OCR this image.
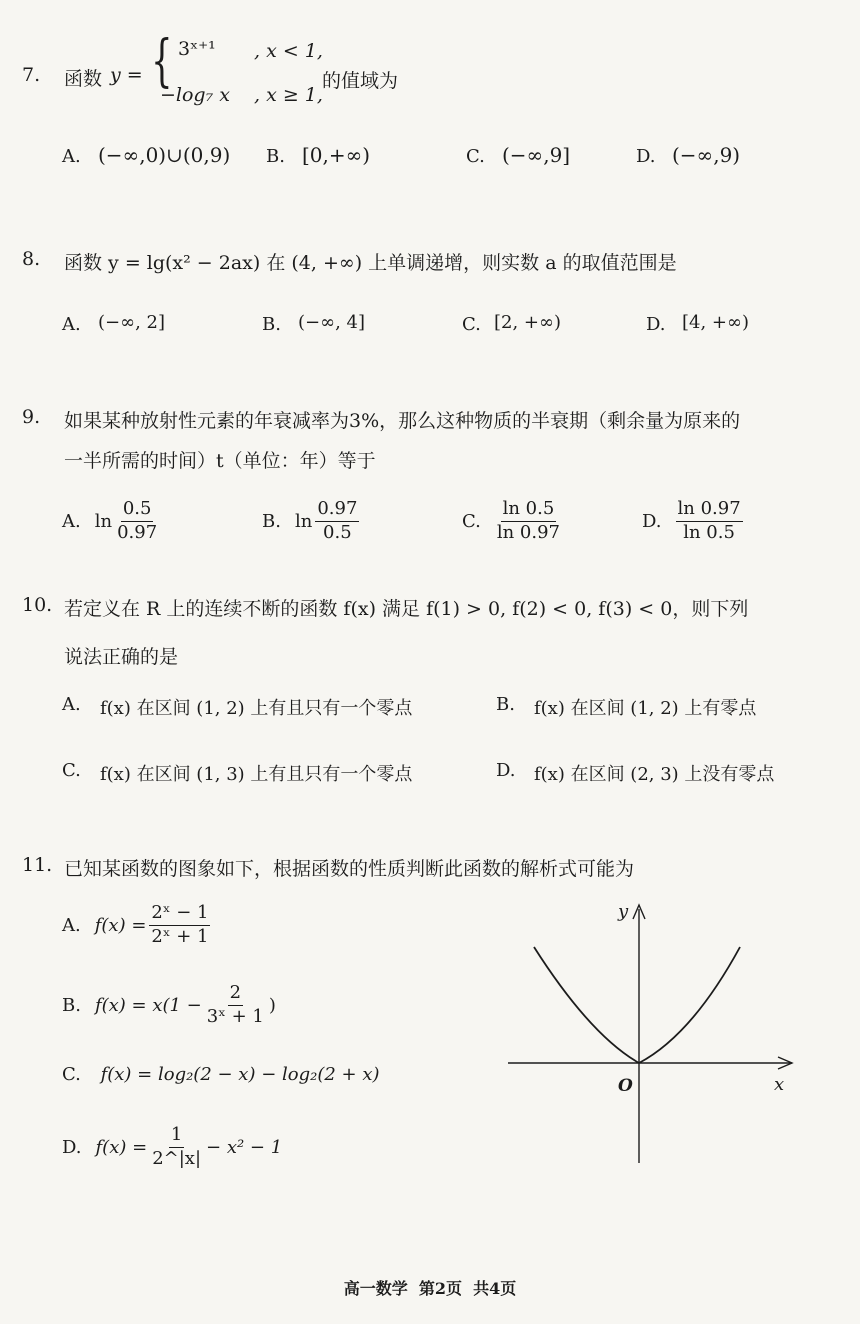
7. 函数 y = { 3ˣ⁺¹ , x < 1,
−log₇ x , x ≥ 1,
的值域为
A. (−∞,0)∪(0,9) B. [0,+∞)	C. (−∞,9]	D. (−∞,9)
8. 函数 y = lg(x² − 2ax) 在 (4, +∞) 上单调递增，则实数 a 的取值范围是
A. (−∞, 2]	B. (−∞, 4]	C. [2, +∞)	D. [4, +∞)
9. 如果某种放射性元素的年衰减率为3%，那么这种物质的半衰期（剩余量为原来的
一半所需的时间）t（单位：年）等于
A. $\ln \frac{0.5}{0.97}$	B. $\ln \frac{0.97}{0.5}$	C. $\frac{\ln 0.5}{\ln 0.97}$	D. $\frac{\ln 0.97}{\ln 0.5}$
10. 若定义在 R 上的连续不断的函数 f(x) 满足 f(1) > 0, f(2) < 0, f(3) < 0，则下列
说法正确的是
A. f(x) 在区间 (1, 2) 上有且只有一个零点	B. f(x) 在区间 (1, 2) 上有零点
C. f(x) 在区间 (1, 3) 上有且只有一个零点	D. f(x) 在区间 (2, 3) 上没有零点
11. 已知某函数的图象如下，根据函数的性质判断此函数的解析式可能为
A. $f(x) = \frac{\text{2ˣ − 1}}{\text{2ˣ + 1}}$
B. $f(x) = x(1 - \frac{2}{\text{3ˣ + 1}}$ )
C. f(x) = log₂(2 − x) − log₂(2 + x)
D. $f(x) = \frac{1}{2\^{}|x|} - x^2 - 1$
y
x
O
高一数学  第2页  共4页
